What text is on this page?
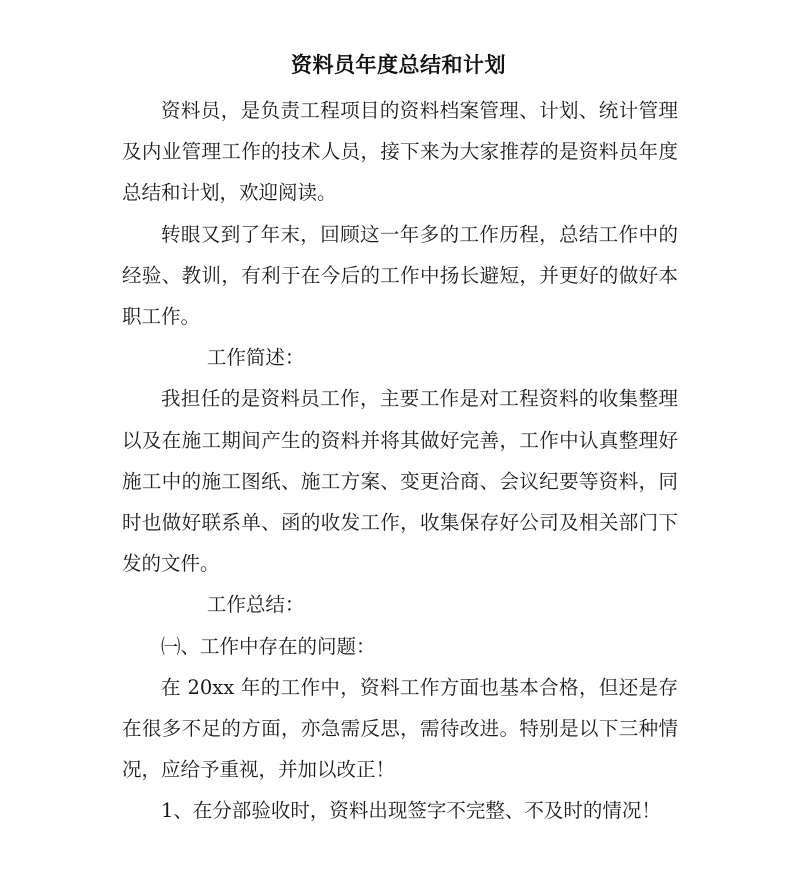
资料员年度总结和计划

资料员，是负责工程项目的资料档案管理、计划、统计管理及内业管理工作的技术人员，接下来为大家推荐的是资料员年度总结和计划，欢迎阅读。

转眼又到了年末，回顾这一年多的工作历程，总结工作中的经验、教训，有利于在今后的工作中扬长避短，并更好的做好本职工作。

工作简述：

我担任的是资料员工作，主要工作是对工程资料的收集整理以及在施工期间产生的资料并将其做好完善，工作中认真整理好施工中的施工图纸、施工方案、变更洽商、会议纪要等资料，同时也做好联系单、函的收发工作，收集保存好公司及相关部门下发的文件。

工作总结：

㈠、工作中存在的问题：

在 20xx 年的工作中，资料工作方面也基本合格，但还是存在很多不足的方面，亦急需反思，需待改进。特别是以下三种情况，应给予重视，并加以改正！

1、在分部验收时，资料出现签字不完整、不及时的情况！
